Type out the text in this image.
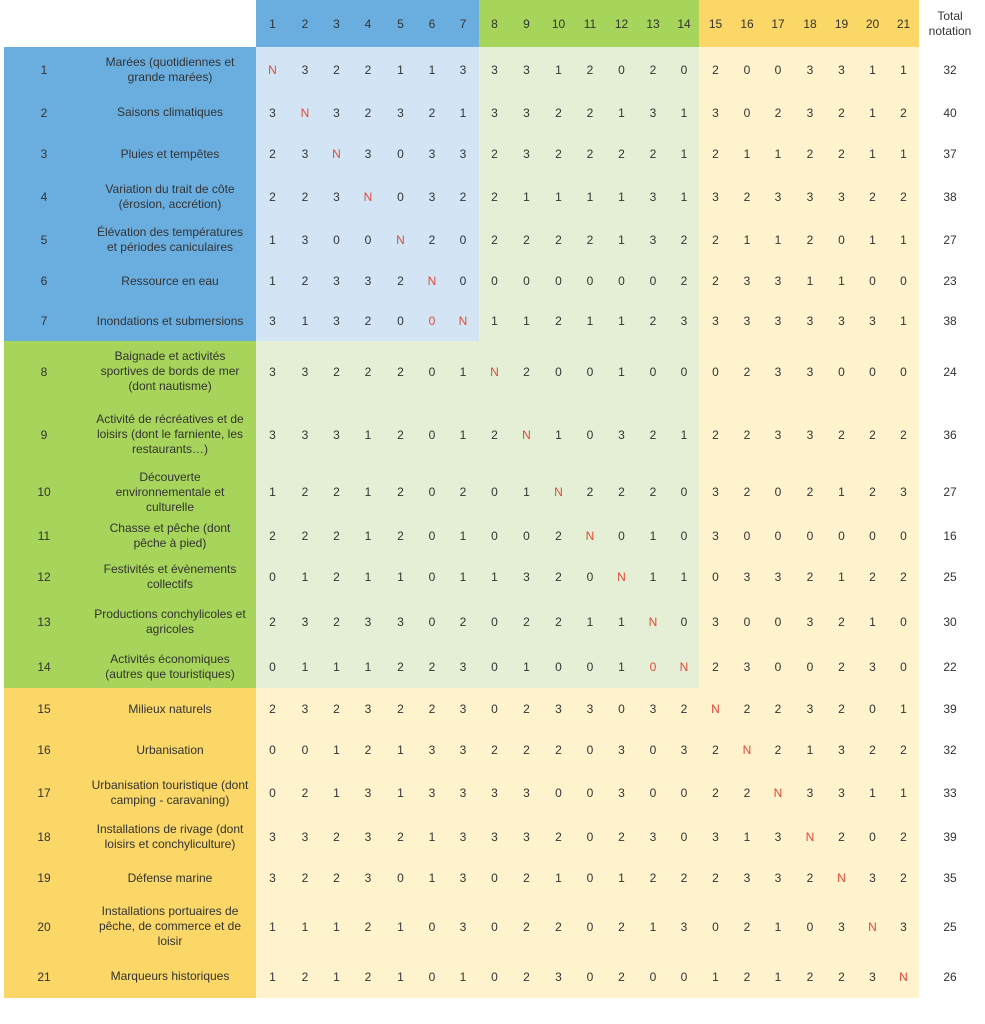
			1	2	3	4	5	6	7	8	9	10	11	12	13	14	15	16	17	18	19	20	21	Total
notation
	1	Marées (quotidiennes et
grande marées)	N	3	2	2	1	1	3	3	3	1	2	0	2	0	2	0	0	3	3	1	1	32
	2	Saisons climatiques	3	N	3	2	3	2	1	3	3	2	2	1	3	1	3	0	2	3	2	1	2	40
	3	Pluies et tempêtes	2	3	N	3	0	3	3	2	3	2	2	2	2	1	2	1	1	2	2	1	1	37
	4	Variation du trait de côte
(érosion, accrétion)	2	2	3	N	0	3	2	2	1	1	1	1	3	1	3	2	3	3	3	2	2	38
	5	Élévation des températures
et périodes caniculaires	1	3	0	0	N	2	0	2	2	2	2	1	3	2	2	1	1	2	0	1	1	27
	6	Ressource en eau	1	2	3	3	2	N	0	0	0	0	0	0	0	2	2	3	3	1	1	0	0	23
	7	Inondations et submersions	3	1	3	2	0	0	N	1	1	2	1	1	2	3	3	3	3	3	3	3	1	38
	8	Baignade et activités
sportives de bords de mer
(dont nautisme)	3	3	2	2	2	0	1	N	2	0	0	1	0	0	0	2	3	3	0	0	0	24
	9	Activité de récréatives et de
loisirs (dont le farniente, les
restaurants…)	3	3	3	1	2	0	1	2	N	1	0	3	2	1	2	2	3	3	2	2	2	36
	10	Découverte
environnementale et
culturelle	1	2	2	1	2	0	2	0	1	N	2	2	2	0	3	2	0	2	1	2	3	27
	11	Chasse et pêche (dont
pêche à pied)	2	2	2	1	2	0	1	0	0	2	N	0	1	0	3	0	0	0	0	0	0	16
	12	Festivités et évènements
collectifs	0	1	2	1	1	0	1	1	3	2	0	N	1	1	0	3	3	2	1	2	2	25
	13	Productions conchylicoles et
agricoles	2	3	2	3	3	0	2	0	2	2	1	1	N	0	3	0	0	3	2	1	0	30
	14	Activités économiques
(autres que touristiques)	0	1	1	1	2	2	3	0	1	0	0	1	0	N	2	3	0	0	2	3	0	22
	15	Milieux naturels	2	3	2	3	2	2	3	0	2	3	3	0	3	2	N	2	2	3	2	0	1	39
	16	Urbanisation	0	0	1	2	1	3	3	2	2	2	0	3	0	3	2	N	2	1	3	2	2	32
	17	Urbanisation touristique (dont
camping - caravaning)	0	2	1	3	1	3	3	3	3	0	0	3	0	0	2	2	N	3	3	1	1	33
	18	Installations de rivage (dont
loisirs et conchyliculture)	3	3	2	3	2	1	3	3	3	2	0	2	3	0	3	1	3	N	2	0	2	39
	19	Défense marine	3	2	2	3	0	1	3	0	2	1	0	1	2	2	2	3	3	2	N	3	2	35
	20	Installations portuaires de
pêche, de commerce et de
loisir	1	1	1	2	1	0	3	0	2	2	0	2	1	3	0	2	1	0	3	N	3	25
	21	Marqueurs historiques	1	2	1	2	1	0	1	0	2	3	0	2	0	0	1	2	1	2	2	3	N	26
